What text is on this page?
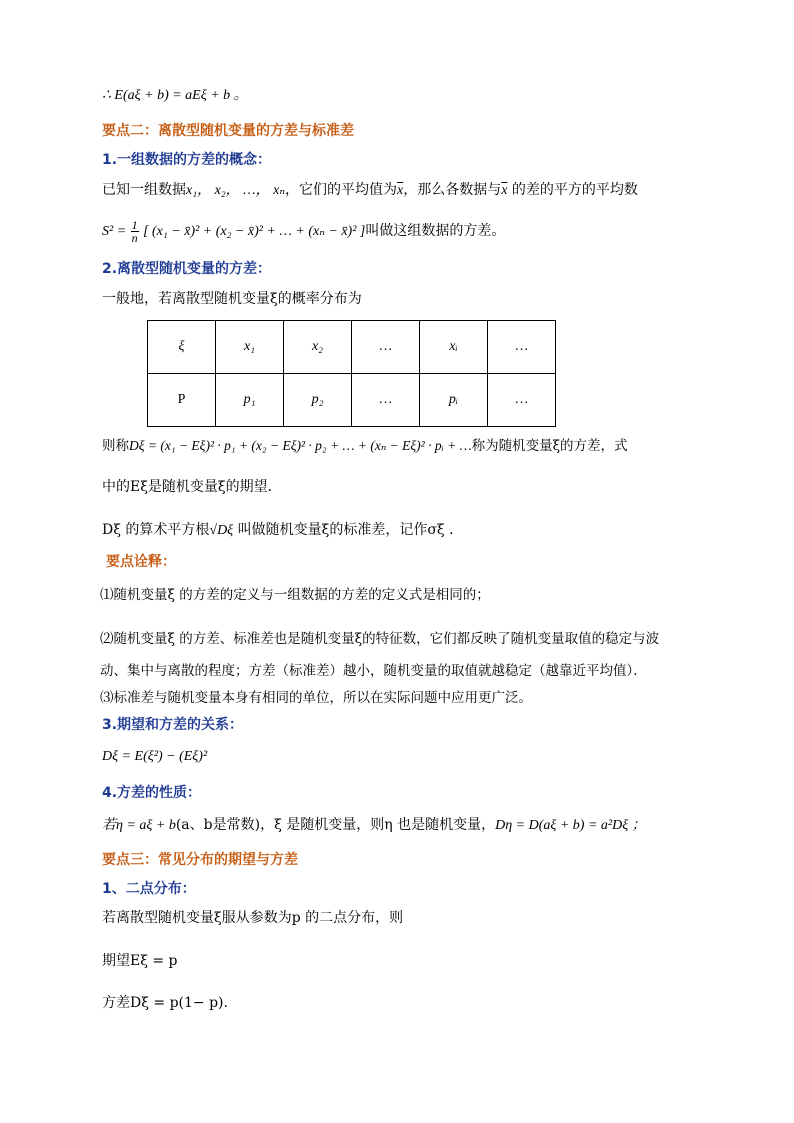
∴ E(aξ + b) = aEξ + b 。
要点二：离散型随机变量的方差与标准差
1.一组数据的方差的概念：
已知一组数据x₁， x₂， …， xₙ，它们的平均值为$\overline{x}$，那么各数据与$\overline{x}$ 的差的平方的平均数
$S^2 = \frac{1}{n}$ [ (x₁ − x̄)² + (x₂ − x̄)² + … + (xₙ − x̄)² ]叫做这组数据的方差。
2.离散型随机变量的方差：
一般地，若离散型随机变量ξ的概率分布为
ξ	x₁	x₂	…	xᵢ	…
P	p₁	p₂	…	pᵢ	…
则称Dξ = (x₁ − Eξ)² · p₁ + (x₂ − Eξ)² · p₂ + … + (xₙ − Eξ)² · pᵢ + …称为随机变量ξ的方差，式
中的Eξ是随机变量ξ的期望．
Dξ 的算术平方根√Dξ 叫做随机变量ξ的标准差，记作σξ ．
要点诠释：
⑴随机变量ξ 的方差的定义与一组数据的方差的定义式是相同的；
⑵随机变量ξ 的方差、标准差也是随机变量ξ的特征数，它们都反映了随机变量取值的稳定与波
动、集中与离散的程度；方差（标准差）越小，随机变量的取值就越稳定（越靠近平均值）．
⑶标准差与随机变量本身有相同的单位，所以在实际问题中应用更广泛。
3.期望和方差的关系：
Dξ = E(ξ²) − (Eξ)²
4.方差的性质：
若η = aξ + b(a、b是常数)，ξ 是随机变量，则η 也是随机变量，Dη = D(aξ + b) = a²Dξ ；
要点三：常见分布的期望与方差
1、二点分布：
若离散型随机变量ξ服从参数为p 的二点分布，则
期望Eξ = p
方差Dξ = p(1− p).
